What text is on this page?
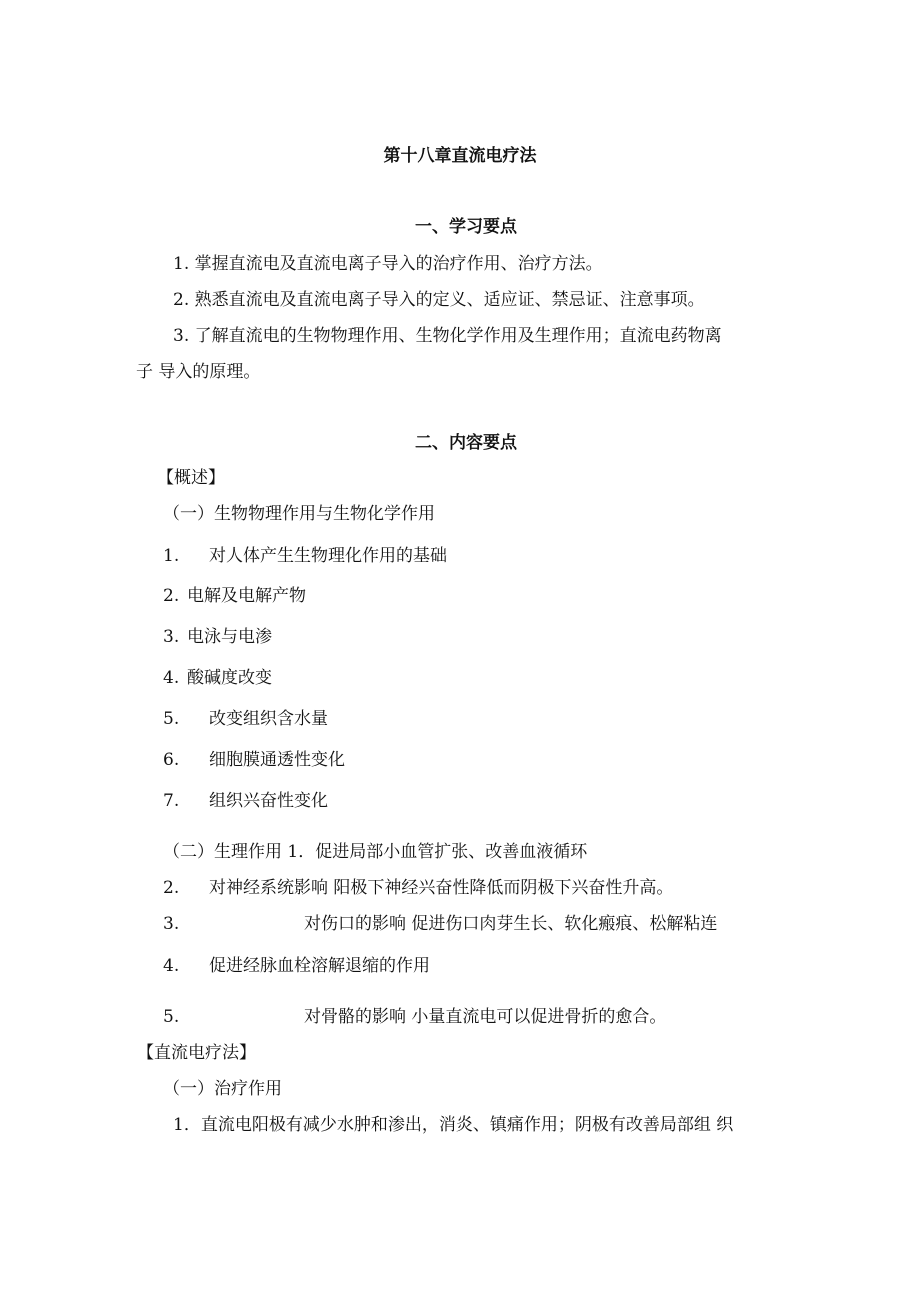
第十八章直流电疗法
一、学习要点
1. 掌握直流电及直流电离子导入的治疗作用、治疗方法。
2. 熟悉直流电及直流电离子导入的定义、适应证、禁忌证、注意事项。
3. 了解直流电的生物物理作用、生物化学作用及生理作用；直流电药物离
子 导入的原理。
二、内容要点
【概述】
（一）生物物理作用与生物化学作用
1. 对人体产生生物理化作用的基础
2. 电解及电解产物
3. 电泳与电渗
4. 酸碱度改变
5. 改变组织含水量
6. 细胞膜通透性变化
7. 组织兴奋性变化
（二）生理作用 1．促进局部小血管扩张、改善血液循环
2. 对神经系统影响 阳极下神经兴奋性降低而阴极下兴奋性升高。
3.	对伤口的影响 促进伤口肉芽生长、软化瘢痕、松解粘连
4. 促进经脉血栓溶解退缩的作用
5.	对骨骼的影响 小量直流电可以促进骨折的愈合。
【直流电疗法】
（一）治疗作用
1．直流电阳极有减少水肿和渗出，消炎、镇痛作用；阴极有改善局部组 织
